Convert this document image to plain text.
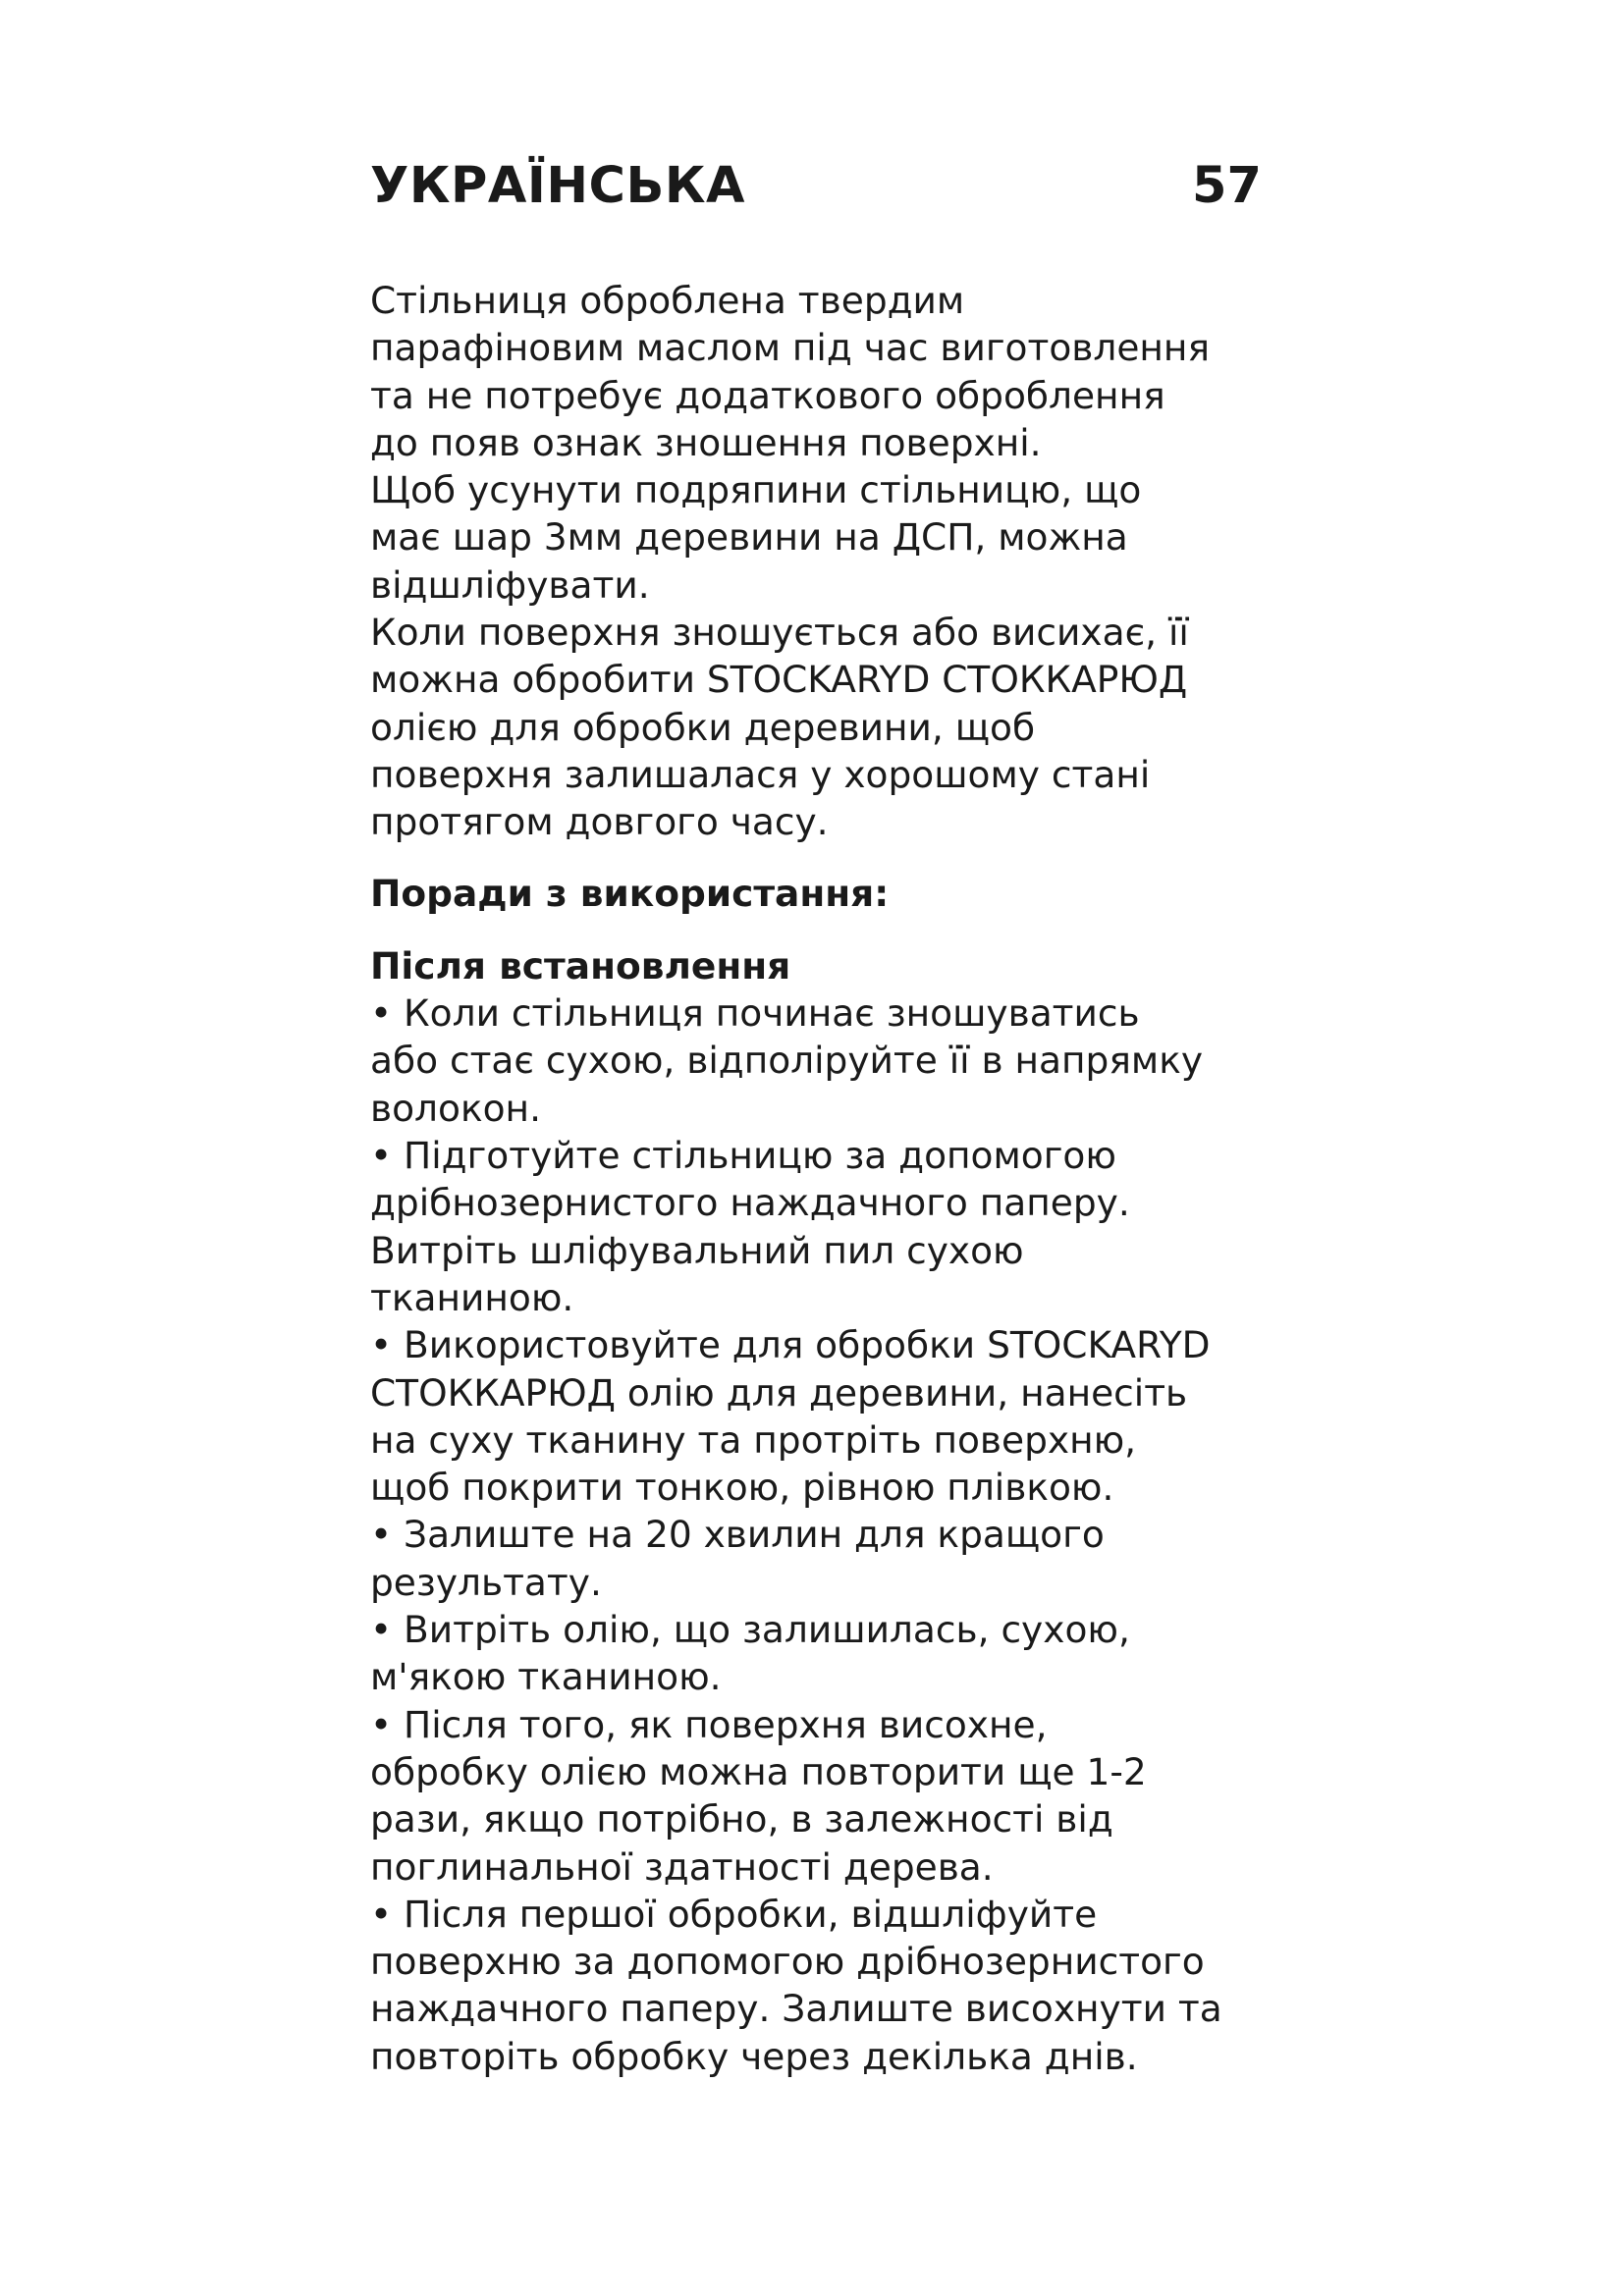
УКРАЇНСЬКА	57
Стільниця оброблена твердим
парафіновим маслом під час виготовлення
та не потребує додаткового оброблення
до появ ознак зношення поверхні.
Щоб усунути подряпини стільницю, що
має шар 3мм деревини на ДСП, можна
відшліфувати.
Коли поверхня зношується або висихає, її
можна обробити STOCKARYD СТОККАРЮД
олією для обробки деревини, щоб
поверхня залишалася у хорошому стані
протягом довгого часу.
Поради з використання:
Після встановлення
• Коли стільниця починає зношуватись
або стає сухою, відполіруйте її в напрямку
волокон.
• Підготуйте стільницю за допомогою
дрібнозернистого наждачного паперу.
Витріть шліфувальний пил сухою
тканиною.
• Використовуйте для обробки STOCKARYD
СТОККАРЮД олію для деревини, нанесіть
на суху тканину та протріть поверхню,
щоб покрити тонкою, рівною плівкою.
• Залиште на 20 хвилин для кращого
результату.
• Витріть олію, що залишилась, сухою,
м'якою тканиною.
• Після того, як поверхня висохне,
обробку олією можна повторити ще 1-2
рази, якщо потрібно, в залежності від
поглинальної здатності дерева.
• Після першої обробки, відшліфуйте
поверхню за допомогою дрібнозернистого
наждачного паперу. Залиште висохнути та
повторіть обробку через декілька днів.
